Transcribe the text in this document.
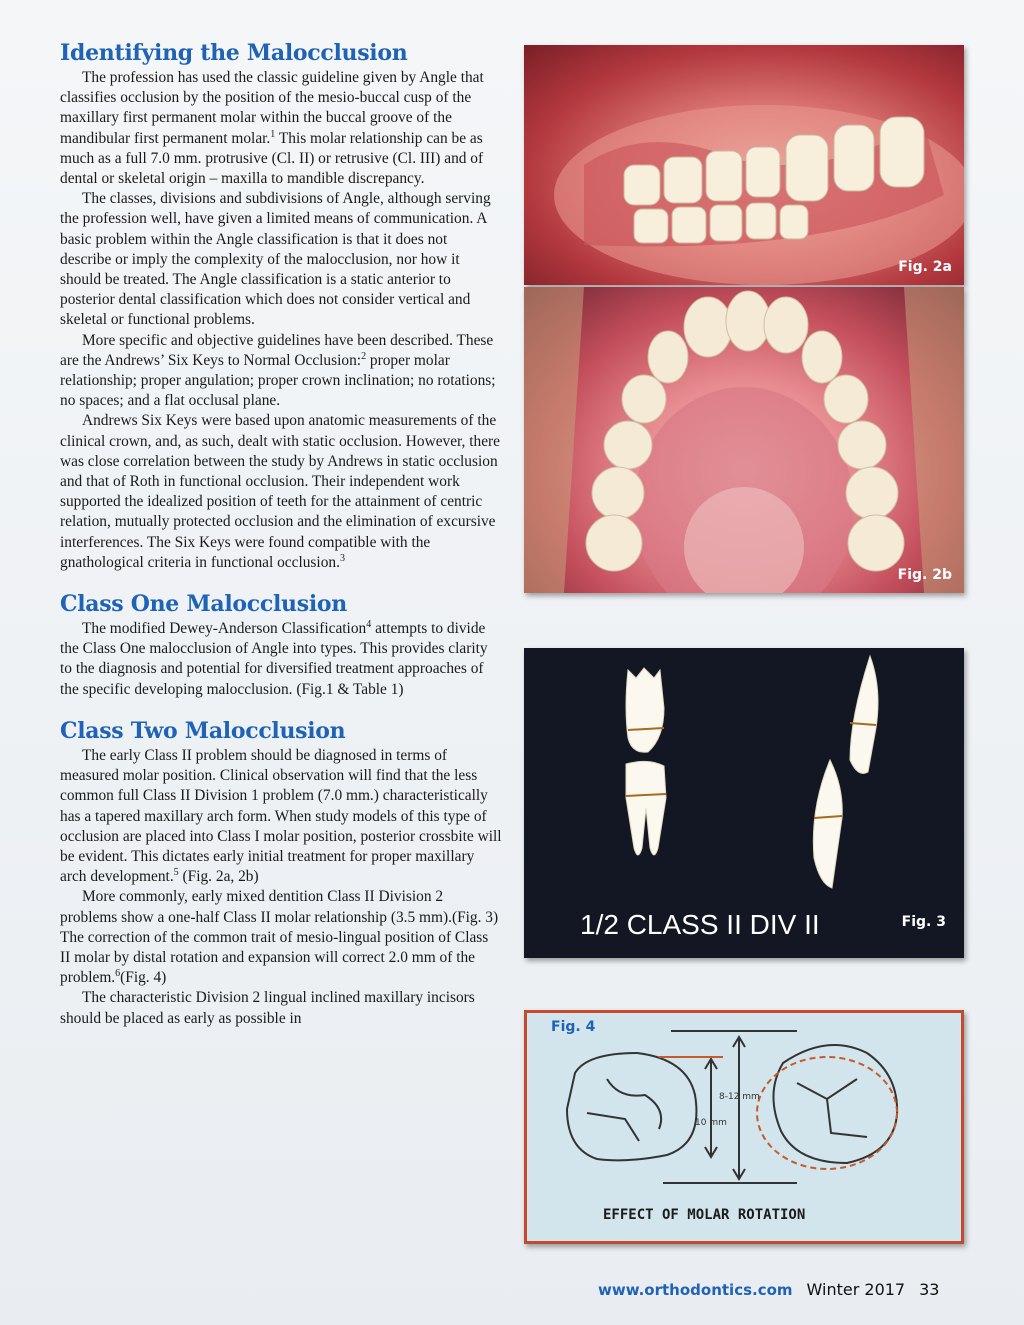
Identifying the Malocclusion

The profession has used the classic guideline given by Angle that classifies occlusion by the position of the mesio-buccal cusp of the maxillary first permanent molar within the buccal groove of the mandibular first permanent molar.$^1$ This molar relationship can be as much as a full 7.0 mm. protrusive (Cl. II) or retrusive (Cl. III) and of dental or skeletal origin – maxilla to mandible discrepancy.

The classes, divisions and subdivisions of Angle, although serving the profession well, have given a limited means of communication. A basic problem within the Angle classification is that it does not describe or imply the complexity of the malocclusion, nor how it should be treated. The Angle classification is a static anterior to posterior dental classification which does not consider vertical and skeletal or functional problems.

More specific and objective guidelines have been described. These are the Andrews’ Six Keys to Normal Occlusion:$^2$ proper molar relationship; proper angulation; proper crown inclination; no rotations; no spaces; and a flat occlusal plane.

Andrews Six Keys were based upon anatomic measurements of the clinical crown, and, as such, dealt with static occlusion. However, there was close correlation between the study by Andrews in static occlusion and that of Roth in functional occlusion. Their independent work supported the idealized position of teeth for the attainment of centric relation, mutually protected occlusion and the elimination of excursive interferences. The Six Keys were found compatible with the gnathological criteria in functional occlusion.$^3$

Class One Malocclusion

The modified Dewey-Anderson Classification$^4$ attempts to divide the Class One malocclusion of Angle into types. This provides clarity to the diagnosis and potential for diversified treatment approaches of the specific developing malocclusion. (Fig.1 & Table 1)

Class Two Malocclusion

The early Class II problem should be diagnosed in terms of measured molar position. Clinical observation will find that the less common full Class II Division 1 problem (7.0 mm.) characteristically has a tapered maxillary arch form. When study models of this type of occlusion are placed into Class I molar position, posterior crossbite will be evident. This dictates early initial treatment for proper maxillary arch development.$^5$ (Fig. 2a, 2b)

More commonly, early mixed dentition Class II Division 2 problems show a one-half Class II molar relationship (3.5 mm).(Fig. 3) The correction of the common trait of mesio-lingual position of Class II molar by distal rotation and expansion will correct 2.0 mm of the problem.$^6$(Fig. 4)

The characteristic Division 2 lingual inclined maxillary incisors should be placed as early as possible in

Fig. 2a
Fig. 2b
1/2 CLASS II DIV II	Fig. 3
8-12 mm
10 mm
EFFECT OF MOLAR ROTATION
Fig. 4
www.orthodontics.com Winter 2017 33
